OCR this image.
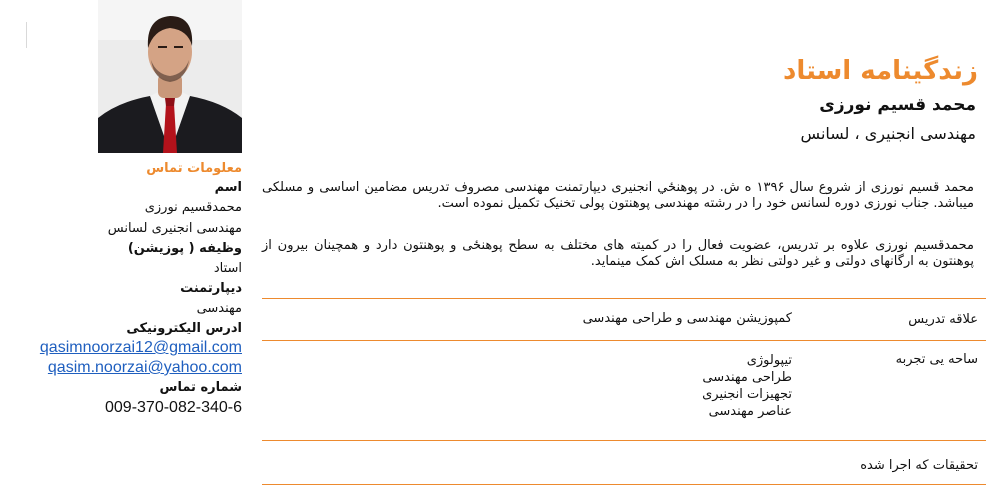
معلومات تماس
اسم
محمدقسیم نورزی
مهندسی انجنیری لسانس
وظیفه ( پوزیشن)
استاد
دیپارتمنت
مهندسی
ادرس الیکترونیکی
qasimnoorzai12@gmail.com
qasim.noorzai@yahoo.com
شماره تماس
009-370-082-340-6
زندگینامه استاد
محمد قسیم نورزی
مهندسی انجنیری ، لسانس
محمد قسیم نورزی از شروع سال ۱۳۹۶ ه ش. در پوهنځي انجنیری دیپارتمنت مهندسی مصروف تدریس مضامین اساسی و مسلکی میباشد. جناب نورزی دوره لسانس خود را در رشته مهندسی پوهنتون پولی تخنیک تکمیل نموده است.
محمدقسیم نورزی علاوه بر تدریس، عضویت فعال را در کمیته های مختلف به سطح پوهنځی و پوهنتون دارد و همچینان بیرون از پوهنتون به ارگانهای دولتی و غیر دولتی نظر به مسلک اش کمک مینماید.
علاقه تدریس
کمپوزیشن مهندسی و طراحی مهندسی
ساحه یی تجربه
تیپولوژی
طراحی مهندسی
تجهیزات انجنیری
عناصر مهندسی
تحقیقات که اجرا شده
